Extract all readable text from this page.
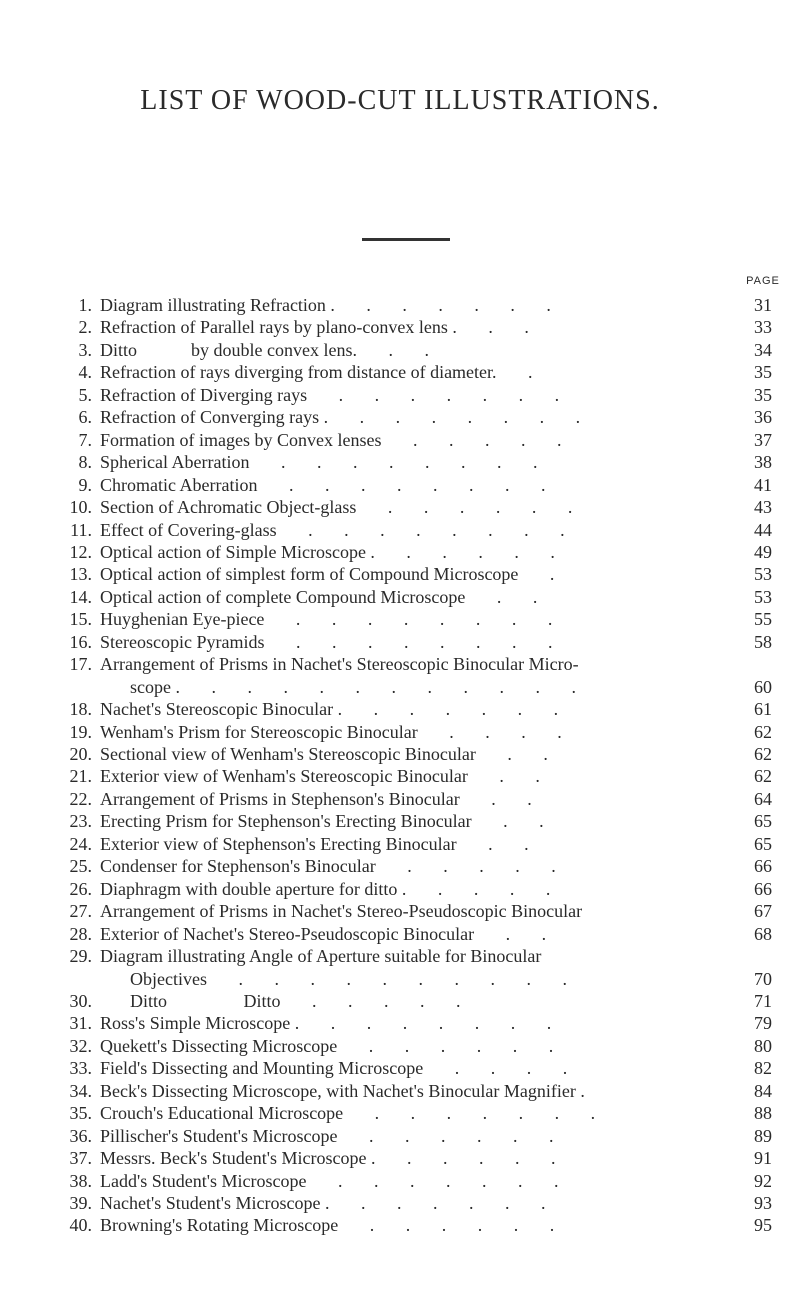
LIST OF WOOD-CUT ILLUSTRATIONS.
PAGE
1. Diagram illustrating Refraction .       .       .       .       .       .       .	31
2. Refraction of Parallel rays by plano-convex lens .       .       .	33
3. Ditto            by double convex lens.       .       .	34
4. Refraction of rays diverging from distance of diameter.       .	35
5. Refraction of Diverging rays       .       .       .       .       .       .       .	35
6. Refraction of Converging rays .       .       .       .       .       .       .       .	36
7. Formation of images by Convex lenses       .       .       .       .       .	37
8. Spherical Aberration       .       .       .       .       .       .       .       .	38
9. Chromatic Aberration       .       .       .       .       .       .       .       .	41
10. Section of Achromatic Object-glass       .       .       .       .       .       .	43
11. Effect of Covering-glass       .       .       .       .       .       .       .       .	44
12. Optical action of Simple Microscope .       .       .       .       .       .	49
13. Optical action of simplest form of Compound Microscope       .	53
14. Optical action of complete Compound Microscope       .       .	53
15. Huyghenian Eye-piece       .       .       .       .       .       .       .       .	55
16. Stereoscopic Pyramids       .       .       .       .       .       .       .       .	58
17. Arrangement of Prisms in Nachet's Stereoscopic Binocular Micro-
scope .       .       .       .       .       .       .       .       .       .       .       .	60
18. Nachet's Stereoscopic Binocular .       .       .       .       .       .       .	61
19. Wenham's Prism for Stereoscopic Binocular       .       .       .       .	62
20. Sectional view of Wenham's Stereoscopic Binocular       .       .	62
21. Exterior view of Wenham's Stereoscopic Binocular       .       .	62
22. Arrangement of Prisms in Stephenson's Binocular       .       .	64
23. Erecting Prism for Stephenson's Erecting Binocular       .       .	65
24. Exterior view of Stephenson's Erecting Binocular       .       .	65
25. Condenser for Stephenson's Binocular       .       .       .       .       .	66
26. Diaphragm with double aperture for ditto .       .       .       .       .	66
27. Arrangement of Prisms in Nachet's Stereo-Pseudoscopic Binocular	67
28. Exterior of Nachet's Stereo-Pseudoscopic Binocular       .       .	68
29. Diagram illustrating Angle of Aperture suitable for Binocular
Objectives       .       .       .       .       .       .       .       .       .       .	70
30. Ditto                 Ditto       .       .       .       .       .	71
31. Ross's Simple Microscope .       .       .       .       .       .       .       .	79
32. Quekett's Dissecting Microscope       .       .       .       .       .       .	80
33. Field's Dissecting and Mounting Microscope       .       .       .       .	82
34. Beck's Dissecting Microscope, with Nachet's Binocular Magnifier .	84
35. Crouch's Educational Microscope       .       .       .       .       .       .       .	88
36. Pillischer's Student's Microscope       .       .       .       .       .       .	89
37. Messrs. Beck's Student's Microscope .       .       .       .       .       .	91
38. Ladd's Student's Microscope       .       .       .       .       .       .       .	92
39. Nachet's Student's Microscope .       .       .       .       .       .       .	93
40. Browning's Rotating Microscope       .       .       .       .       .       .	95
